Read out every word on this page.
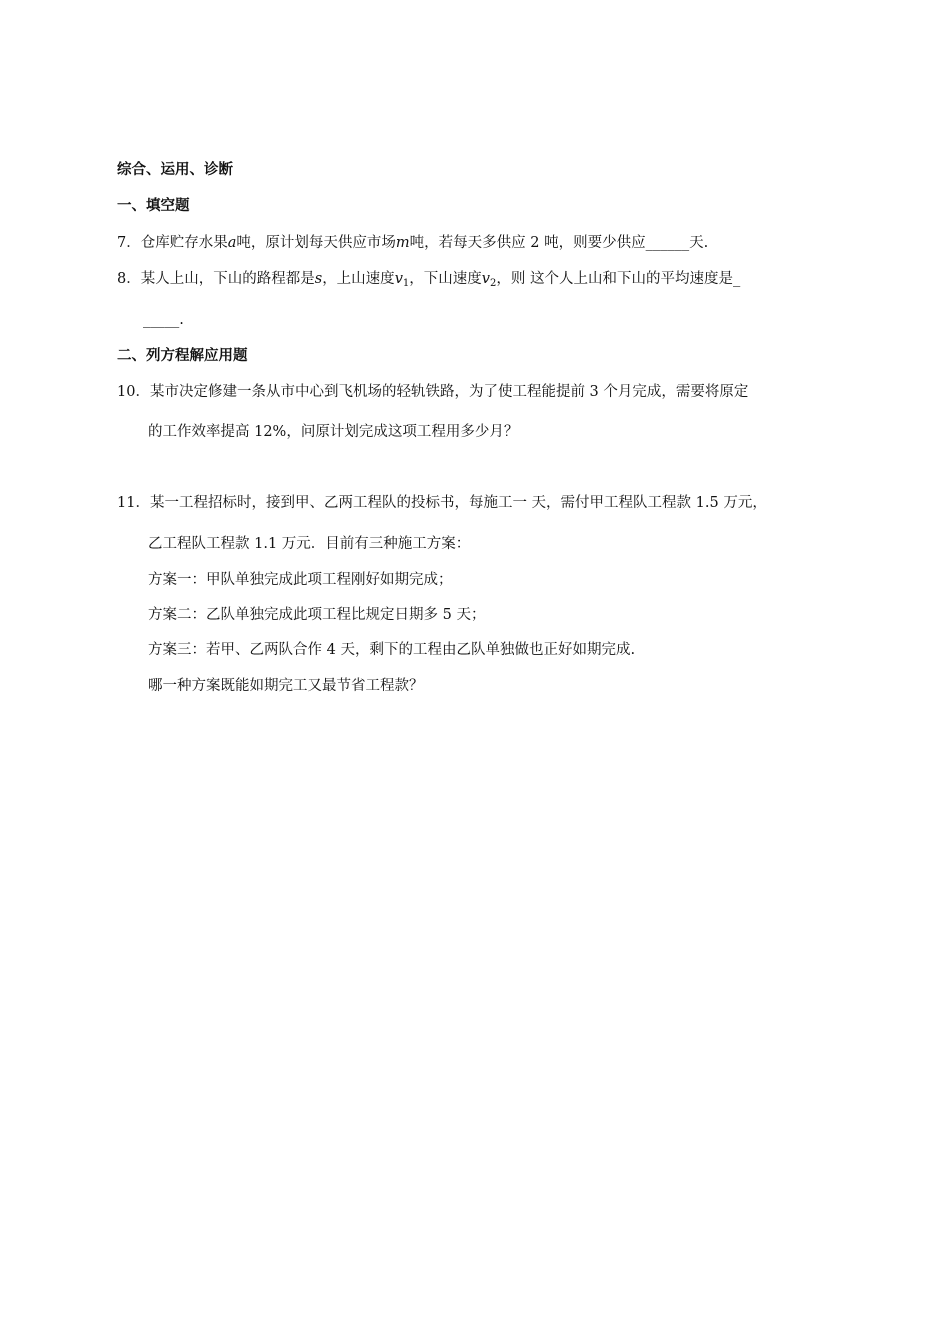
综合、运用、诊断
一、填空题
7．仓库贮存水果a吨，原计划每天供应市场m吨，若每天多供应 2 吨，则要少供应______天.
8．某人上山，下山的路程都是s，上山速度$v_1$，下山速度$v_2$，则 这个人上山和下山的平均速度是_
_____.
二、列方程解应用题
10．某市决定修建一条从市中心到飞机场的轻轨铁路，为了使工程能提前 3 个月完成，需要将原定
的工作效率提高 12%，问原计划完成这项工程用多少月？
11．某一工程招标时，接到甲、乙两工程队的投标书，每施工一 天，需付甲工程队工程款 1.5 万元，
乙工程队工程款 1.1 万元．目前有三种施工方案：
方案一：甲队单独完成此项工程刚好如期完成；
方案二：乙队单独完成此项工程比规定日期多 5 天；
方案三：若甲、乙两队合作 4 天，剩下的工程由乙队单独做也正好如期完成.
哪一种方案既能如期完工又最节省工程款？
